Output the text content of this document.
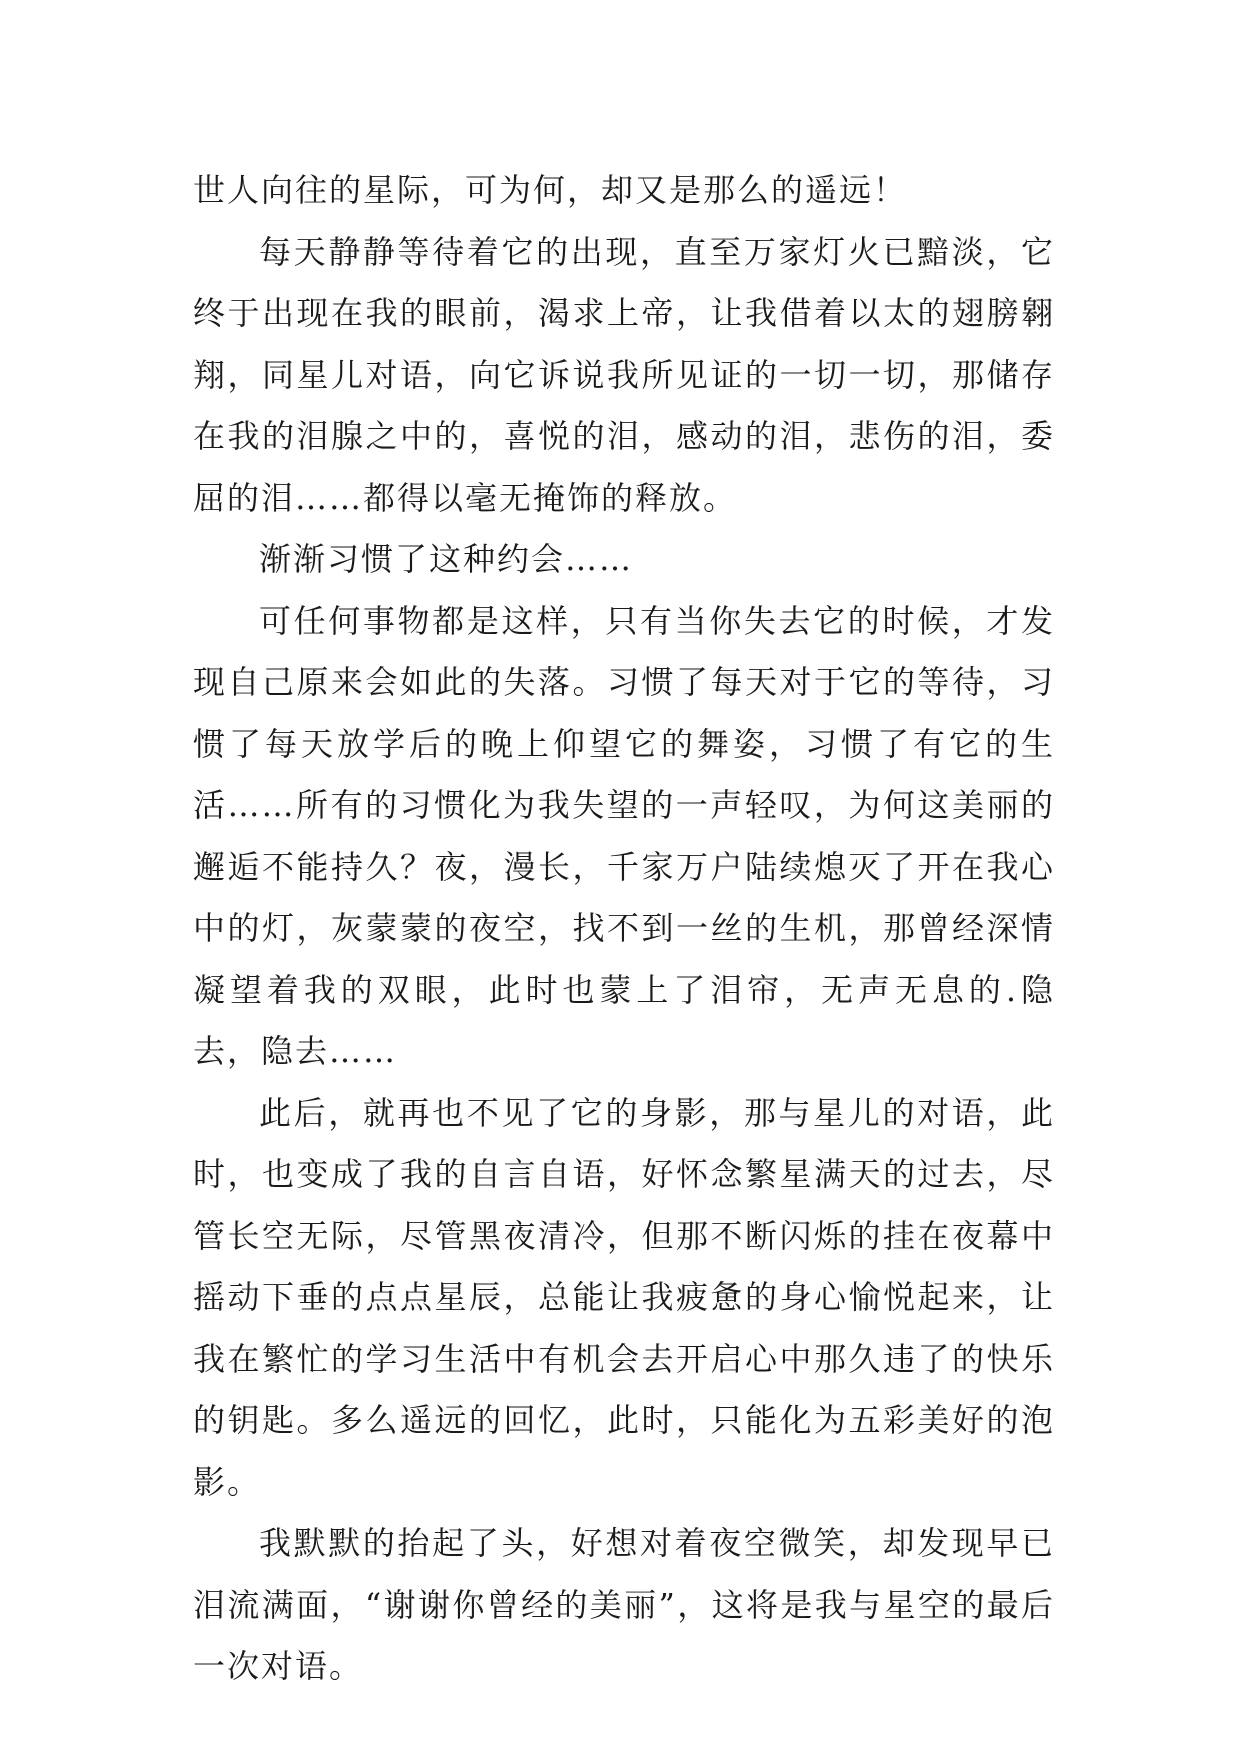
世人向往的星际，可为何，却又是那么的遥远！

每天静静等待着它的出现，直至万家灯火已黯淡，它终于出现在我的眼前，渴求上帝，让我借着以太的翅膀翱翔，同星儿对语，向它诉说我所见证的一切一切，那储存在我的泪腺之中的，喜悦的泪，感动的泪，悲伤的泪，委屈的泪……都得以毫无掩饰的释放。

渐渐习惯了这种约会……

可任何事物都是这样，只有当你失去它的时候，才发现自己原来会如此的失落。习惯了每天对于它的等待，习惯了每天放学后的晚上仰望它的舞姿，习惯了有它的生活……所有的习惯化为我失望的一声轻叹，为何这美丽的邂逅不能持久？夜，漫长，千家万户陆续熄灭了开在我心中的灯，灰蒙蒙的夜空，找不到一丝的生机，那曾经深情凝望着我的双眼，此时也蒙上了泪帘，无声无息的.隐去，隐去……

此后，就再也不见了它的身影，那与星儿的对语，此时，也变成了我的自言自语，好怀念繁星满天的过去，尽管长空无际，尽管黑夜清冷，但那不断闪烁的挂在夜幕中摇动下垂的点点星辰，总能让我疲惫的身心愉悦起来，让我在繁忙的学习生活中有机会去开启心中那久违了的快乐的钥匙。多么遥远的回忆，此时，只能化为五彩美好的泡影。

我默默的抬起了头，好想对着夜空微笑，却发现早已泪流满面，“谢谢你曾经的美丽”，这将是我与星空的最后一次对语。
